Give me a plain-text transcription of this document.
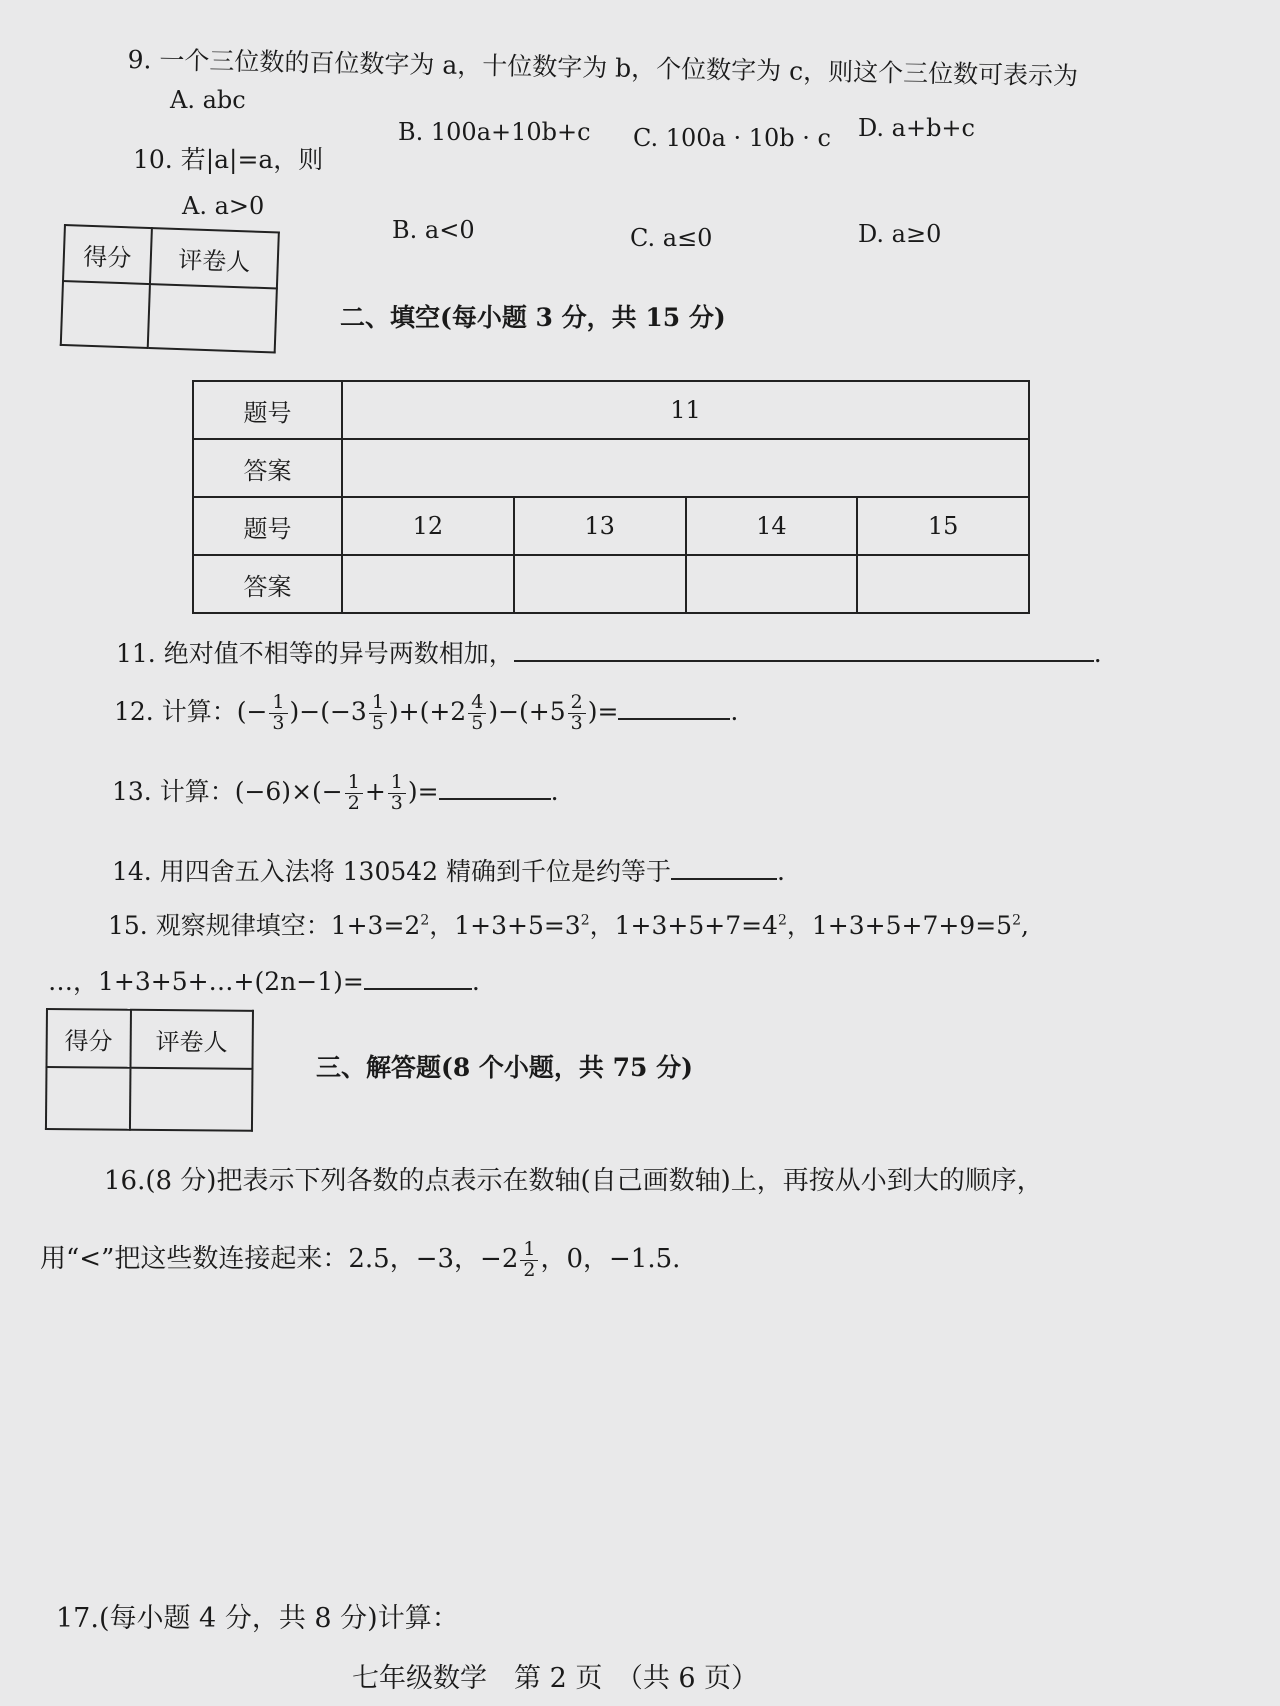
9. 一个三位数的百位数字为 a，十位数字为 b，个位数字为 c，则这个三位数可表示为
A. abc
B. 100a+10b+c C. 100a · 10b · c D. a+b+c
10. 若|a|=a，则
A. a>0
B. a<0	C. a≤0	D. a≥0
得分	评卷人

二、填空(每小题 3 分，共 15 分)
题号	11			
答案				
题号	12	13	14	15
答案				
11. 绝对值不相等的异号两数相加，	.
12. 计算：(− $\frac{1}{3} )-(-3 \frac{1}{5} )+(+2 \frac{4}{5} )-(+5 \frac{2}{3}$ )=	.
13. 计算：$(-6)\times(- \frac{1}{2} + \frac{1}{3}$ )=	.
14. 用四舍五入法将 130542 精确到千位是约等于	.
15. 观察规律填空：$1+3=2^2$，$1+3+5=3^2$，$1+3+5+7=4^2$，$1+3+5+7+9=5^2$,
…，1+3+5+…+(2n−1)=	.
得分	评卷人

三、解答题(8 个小题，共 75 分)
16.(8 分)把表示下列各数的点表示在数轴(自己画数轴)上，再按从小到大的顺序，
用“<”把这些数连接起来：2.5，−3，$-2 \frac{1}{2}$ ，0，−1.5.
17.(每小题 4 分，共 8 分)计算：
七年级数学　第 2 页　（共 6 页）
